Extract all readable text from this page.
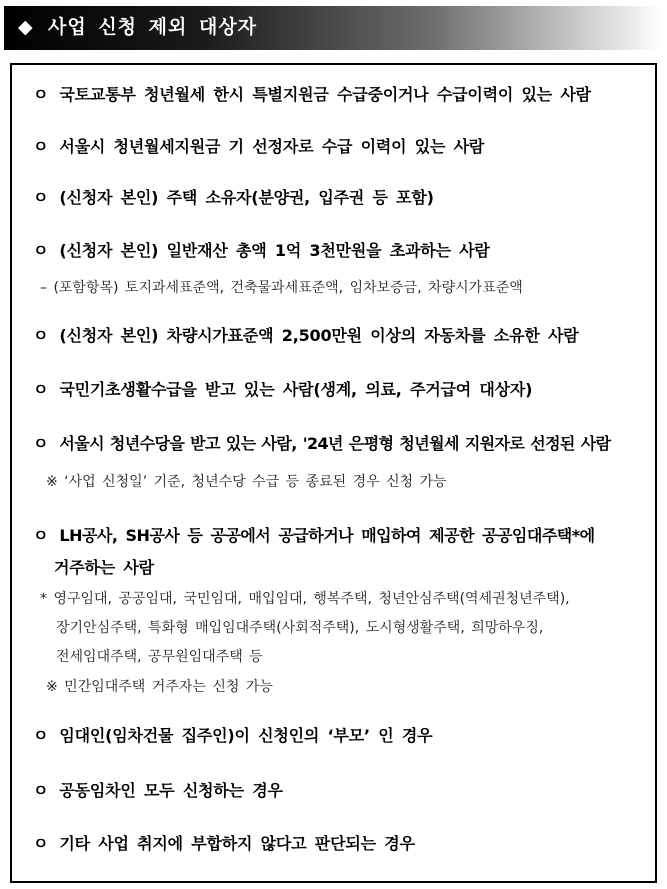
◆ 사업 신청 제외 대상자
ㅇ 국토교통부 청년월세 한시 특별지원금 수급중이거나 수급이력이 있는 사람
ㅇ 서울시 청년월세지원금 기 선정자로 수급 이력이 있는 사람
ㅇ (신청자 본인) 주택 소유자(분양권, 입주권 등 포함)
ㅇ (신청자 본인) 일반재산 총액 1억 3천만원을 초과하는 사람
– (포함항목) 토지과세표준액, 건축물과세표준액, 임차보증금, 차량시가표준액
ㅇ (신청자 본인) 차량시가표준액 2,500만원 이상의 자동차를 소유한 사람
ㅇ 국민기초생활수급을 받고 있는 사람(생계, 의료, 주거급여 대상자)
ㅇ 서울시 청년수당을 받고 있는 사람, '24년 은평형 청년월세 지원자로 선정된 사람
※ ‘사업 신청일’ 기준, 청년수당 수급 등 종료된 경우 신청 가능
ㅇ LH공사, SH공사 등 공공에서 공급하거나 매입하여 제공한 공공임대주택*에
거주하는 사람
* 영구임대, 공공임대, 국민임대, 매입임대, 행복주택, 청년안심주택(역세권청년주택),
장기안심주택, 특화형 매입임대주택(사회적주택), 도시형생활주택, 희망하우징,
전세임대주택, 공무원임대주택 등
※ 민간임대주택 거주자는 신청 가능
ㅇ 임대인(임차건물 집주인)이 신청인의 ‘부모’ 인 경우
ㅇ 공동임차인 모두 신청하는 경우
ㅇ 기타 사업 취지에 부합하지 않다고 판단되는 경우
